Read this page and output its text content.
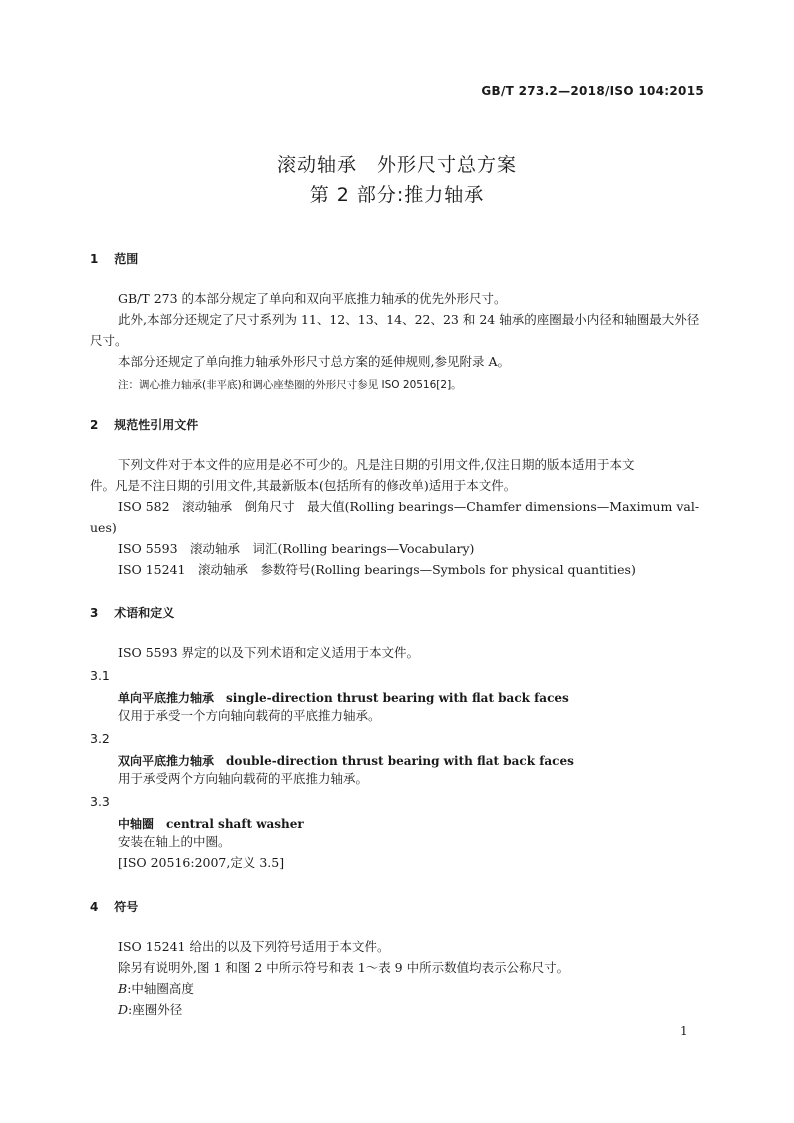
GB/T 273.2—2018/ISO 104:2015
滚动轴承　外形尺寸总方案
第 2 部分:推力轴承
1 范围
GB/T 273 的本部分规定了单向和双向平底推力轴承的优先外形尺寸。
此外,本部分还规定了尺寸系列为 11、12、13、14、22、23 和 24 轴承的座圈最小内径和轴圈最大外径
尺寸。
本部分还规定了单向推力轴承外形尺寸总方案的延伸规则,参见附录 A。
注：调心推力轴承(非平底)和调心座垫圈的外形尺寸参见 ISO 20516[2]。
2 规范性引用文件
下列文件对于本文件的应用是必不可少的。凡是注日期的引用文件,仅注日期的版本适用于本文
件。凡是不注日期的引用文件,其最新版本(包括所有的修改单)适用于本文件。
ISO 582　滚动轴承　倒角尺寸　最大值(Rolling bearings—Chamfer dimensions—Maximum val-
ues)
ISO 5593　滚动轴承　词汇(Rolling bearings—Vocabulary)
ISO 15241　滚动轴承　参数符号(Rolling bearings—Symbols for physical quantities)
3 术语和定义
ISO 5593 界定的以及下列术语和定义适用于本文件。
3.1
单向平底推力轴承 single-direction thrust bearing with flat back faces
仅用于承受一个方向轴向载荷的平底推力轴承。
3.2
双向平底推力轴承 double-direction thrust bearing with flat back faces
用于承受两个方向轴向载荷的平底推力轴承。
3.3
中轴圈 central shaft washer
安装在轴上的中圈。
[ISO 20516:2007,定义 3.5]
4 符号
ISO 15241 给出的以及下列符号适用于本文件。
除另有说明外,图 1 和图 2 中所示符号和表 1～表 9 中所示数值均表示公称尺寸。
B:中轴圈高度
D:座圈外径
1
